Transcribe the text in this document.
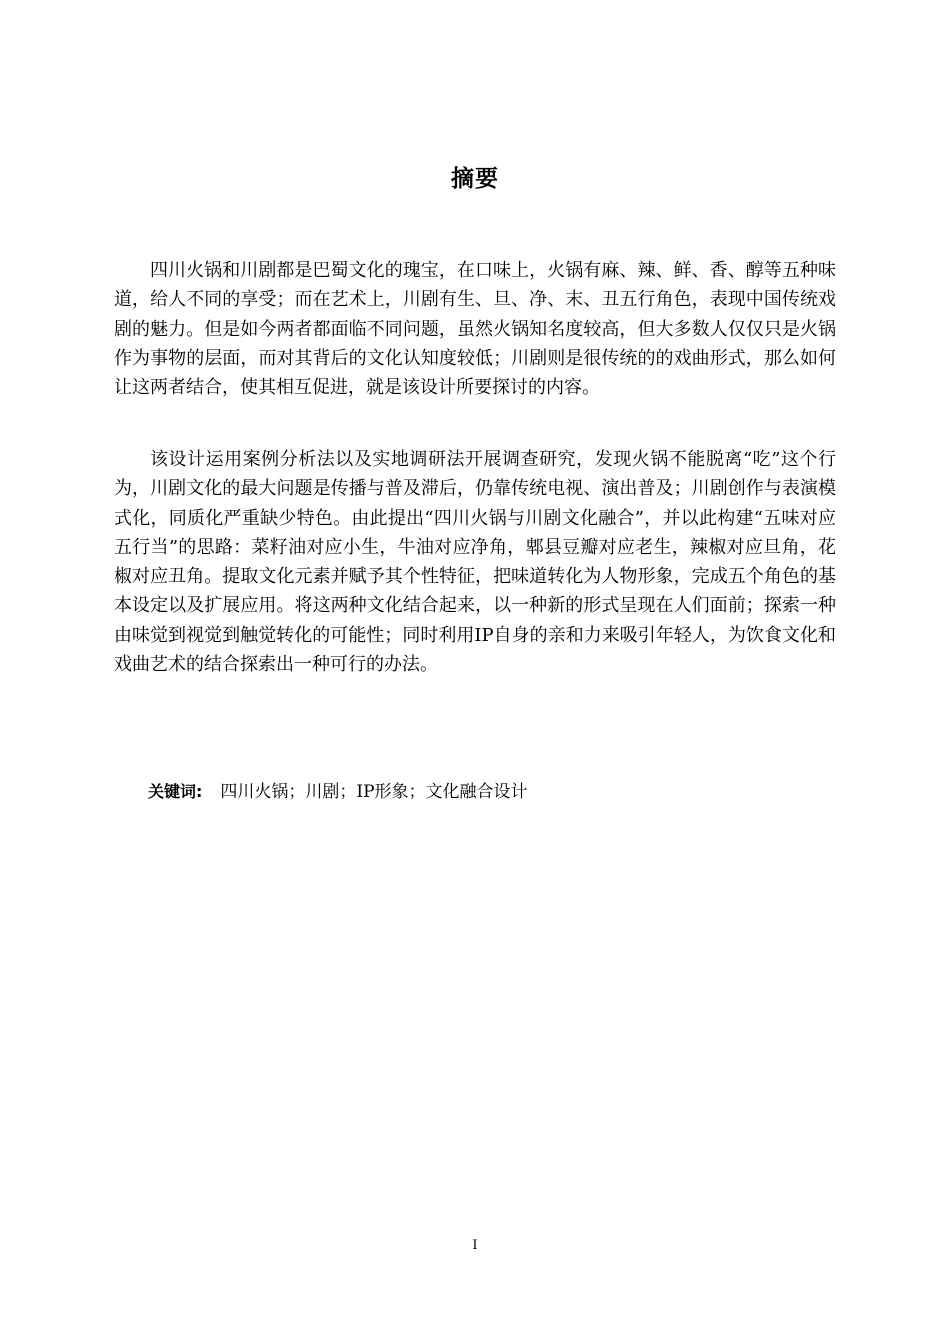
摘要

四川火锅和川剧都是巴蜀文化的瑰宝，在口味上，火锅有麻、辣、鲜、香、醇等五种味道，给人不同的享受；而在艺术上，川剧有生、旦、净、末、丑五行角色，表现中国传统戏剧的魅力。但是如今两者都面临不同问题，虽然火锅知名度较高，但大多数人仅仅只是火锅作为事物的层面，而对其背后的文化认知度较低；川剧则是很传统的的戏曲形式，那么如何让这两者结合，使其相互促进，就是该设计所要探讨的内容。

该设计运用案例分析法以及实地调研法开展调查研究，发现火锅不能脱离“吃”这个行为，川剧文化的最大问题是传播与普及滞后，仍靠传统电视、演出普及；川剧创作与表演模式化，同质化严重缺少特色。由此提出“四川火锅与川剧文化融合”，并以此构建“五味对应五行当”的思路：菜籽油对应小生，牛油对应净角，郫县豆瓣对应老生，辣椒对应旦角，花椒对应丑角。提取文化元素并赋予其个性特征，把味道转化为人物形象，完成五个角色的基本设定以及扩展应用。将这两种文化结合起来，以一种新的形式呈现在人们面前；探索一种由味觉到视觉到触觉转化的可能性；同时利用IP自身的亲和力来吸引年轻人，为饮食文化和戏曲艺术的结合探索出一种可行的办法。

关键词: 四川火锅；川剧；IP形象；文化融合设计
I
